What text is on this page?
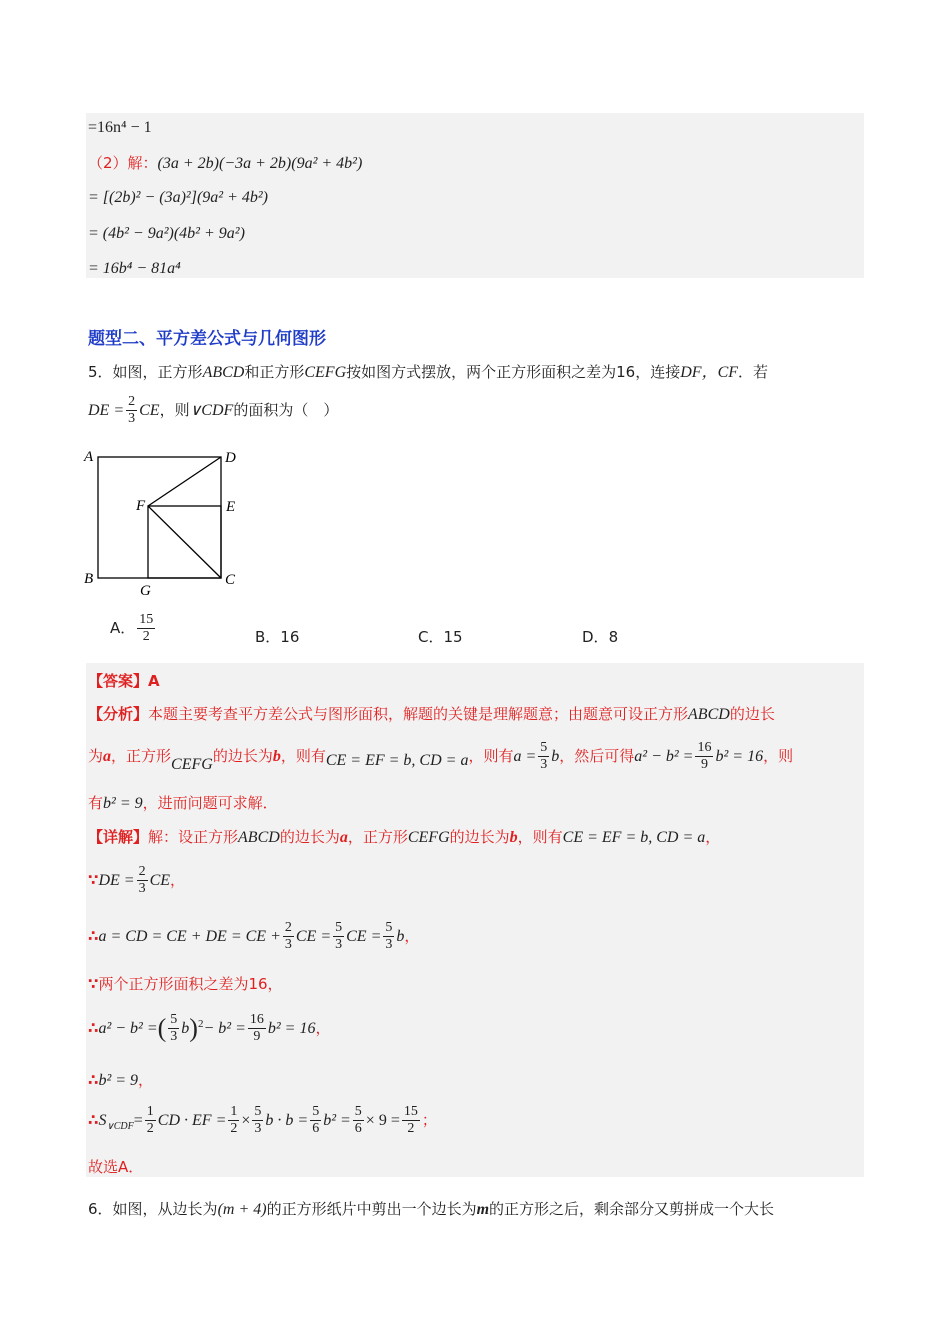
=16n⁴ − 1
（2）解：(3a + 2b)(−3a + 2b)(9a² + 4b²)
= [(2b)² − (3a)²](9a² + 4b²)
= (4b² − 9a²)(4b² + 9a²)
= 16b⁴ − 81a⁴
题型二、平方差公式与几何图形
5．如图，正方形ABCD和正方形CEFG按如图方式摆放，两个正方形面积之差为16，连接DF，CF．若
DE = $\frac{2}{3}$ CE，则∨CDF的面积为（　）
A	D
F	E
B	C
G
A． $\frac{15}{2}$	B．16	C．15	D．8
【答案】A
【分析】本题主要考查平方差公式与图形面积，解题的关键是理解题意；由题意可设正方形ABCD的边长
为a，正方形CEFG的边长为b，则有CE = EF = b, CD = a，则有$a = \frac{5}{3}$ b，然后可得$a^2 - b^2 = \frac{16}{9} b^2 = 16$，则
有b² = 9，进而问题可求解．
【详解】解：设正方形ABCD的边长为a，正方形CEFG的边长为b，则有CE = EF = b, CD = a，
∵DE = $\frac{2}{3}$ CE，
∴a = CD = CE + DE = CE + $\frac{2}{3}$ CE = $\frac{5}{3}$ CE = $\frac{5}{3}$ b，
∵两个正方形面积之差为16，
∴a² − b² =( $\frac{5}{3} b)^2- b^2 = \frac{16}{9} b^2 = 16$，
∴b² = 9，
$\therefore S_{\vee CDF}= \frac{1}{2}$ CD · EF = $\frac{1}{2} \times \frac{5}{3}$ $b \cdot b = \frac{5}{6} b^2 = \frac{5}{6} \times 9 = \frac{15}{2}$ ；
故选A．
6．如图，从边长为(m + 4)的正方形纸片中剪出一个边长为m的正方形之后，剩余部分又剪拼成一个大长
